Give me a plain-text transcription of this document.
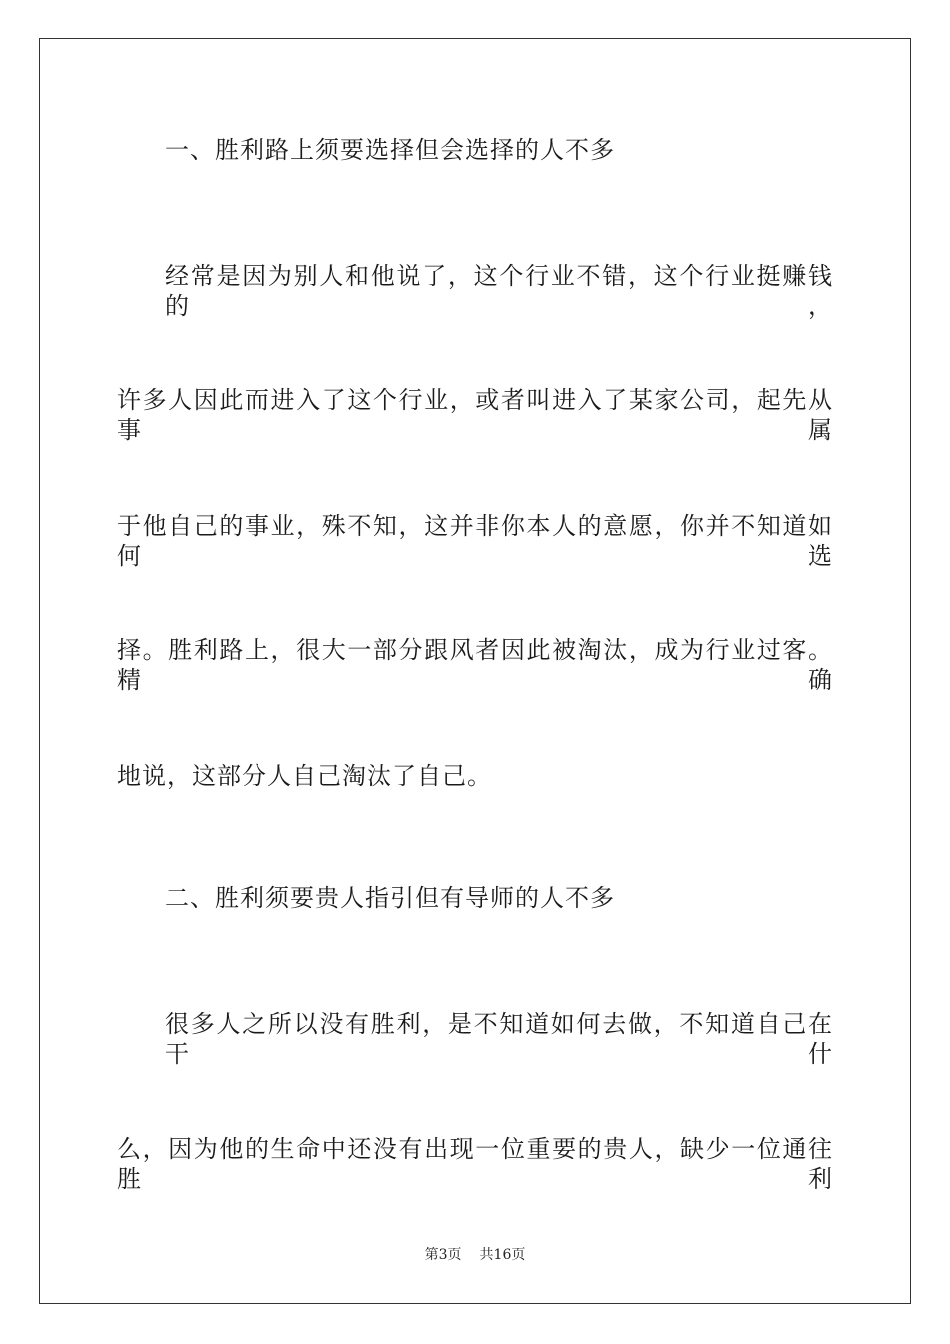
一、胜利路上须要选择但会选择的人不多
经常是因为别人和他说了，这个行业不错，这个行业挺赚钱的，
许多人因此而进入了这个行业，或者叫进入了某家公司，起先从事属
于他自己的事业，殊不知，这并非你本人的意愿，你并不知道如何选
择。胜利路上，很大一部分跟风者因此被淘汰，成为行业过客。精确
地说，这部分人自己淘汰了自己。
二、胜利须要贵人指引但有导师的人不多
很多人之所以没有胜利，是不知道如何去做，不知道自己在干什
么，因为他的生命中还没有出现一位重要的贵人，缺少一位通往胜利
第3页 共16页
